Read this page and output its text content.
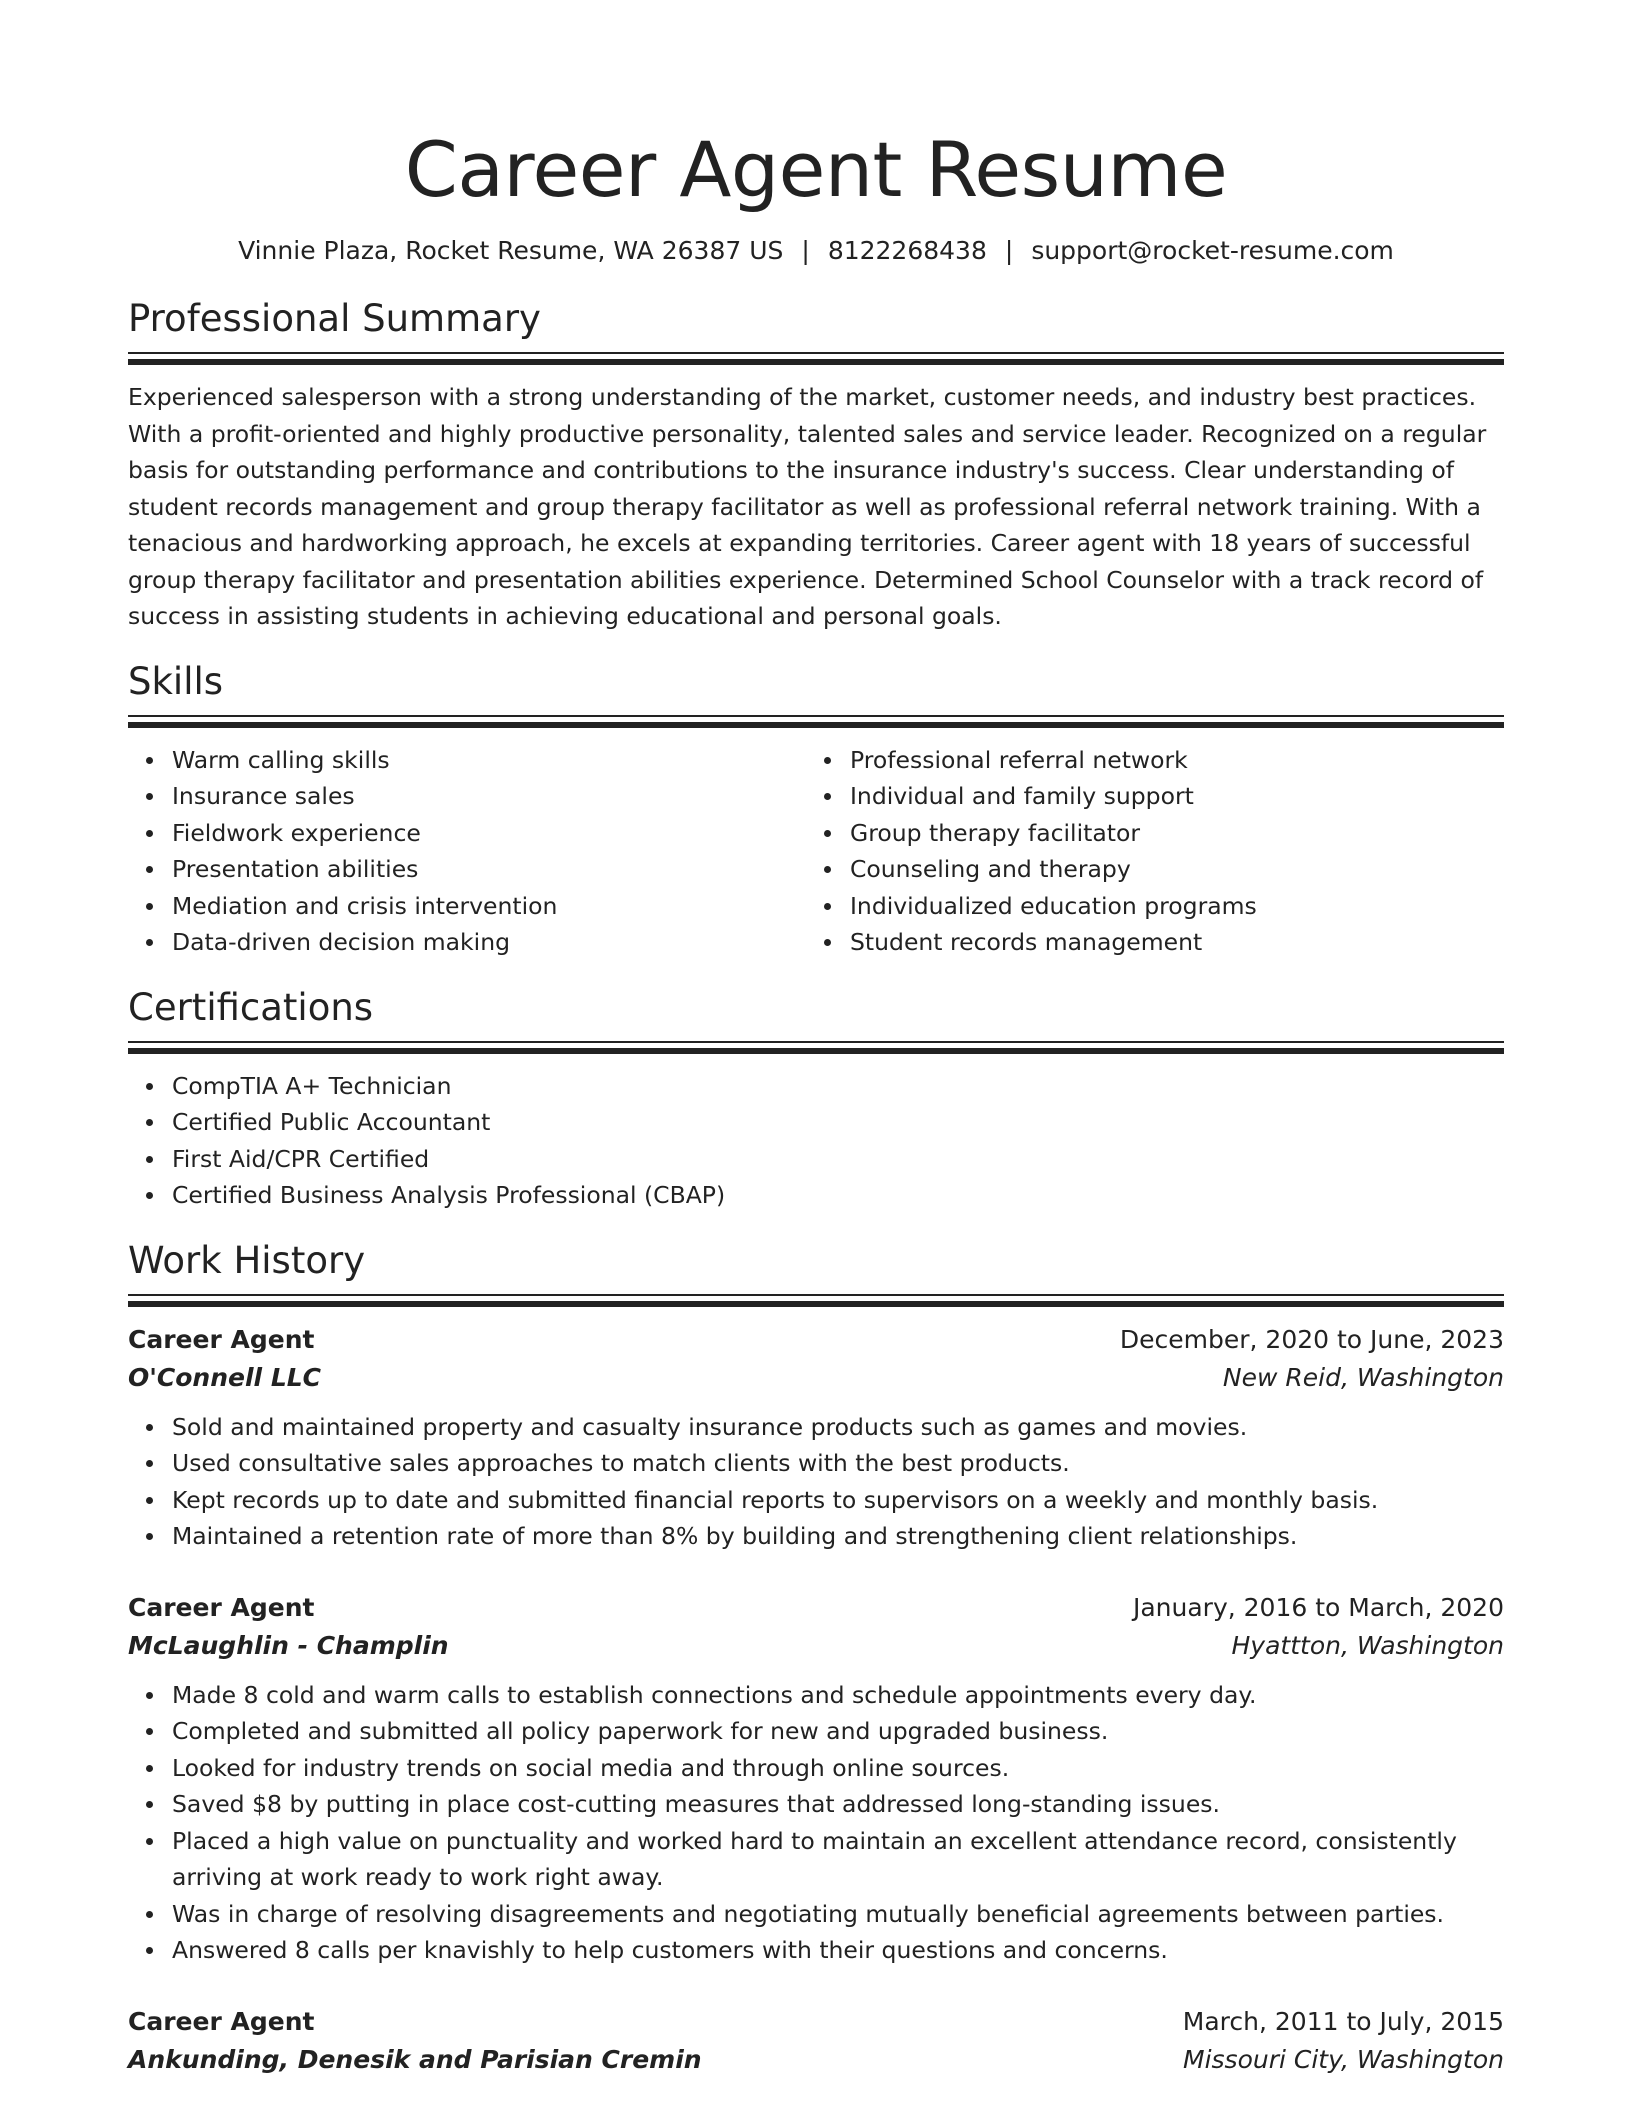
Career Agent Resume
Vinnie Plaza, Rocket Resume, WA 26387 US | 8122268438 | support@rocket-resume.com
Professional Summary

Experienced salesperson with a strong understanding of the market, customer needs, and industry best practices. With a profit-oriented and highly productive personality, talented sales and service leader. Recognized on a regular basis for outstanding performance and contributions to the insurance industry's success. Clear understanding of student records management and group therapy facilitator as well as professional referral network training. With a tenacious and hardworking approach, he excels at expanding territories. Career agent with 18 years of successful group therapy facilitator and presentation abilities experience. Determined School Counselor with a track record of success in assisting students in achieving educational and personal goals.

Skills
Warm calling skills
Insurance sales
Fieldwork experience
Presentation abilities
Mediation and crisis intervention
Data-driven decision making
Professional referral network
Individual and family support
Group therapy facilitator
Counseling and therapy
Individualized education programs
Student records management
Certifications
CompTIA A+ Technician
Certified Public Accountant
First Aid/CPR Certified
Certified Business Analysis Professional (CBAP)
Work History
Career Agent	December, 2020 to June, 2023
O'Connell LLC	New Reid, Washington
Sold and maintained property and casualty insurance products such as games and movies.
Used consultative sales approaches to match clients with the best products.
Kept records up to date and submitted financial reports to supervisors on a weekly and monthly basis.
Maintained a retention rate of more than 8% by building and strengthening client relationships.
Career Agent	January, 2016 to March, 2020
McLaughlin - Champlin	Hyattton, Washington
Made 8 cold and warm calls to establish connections and schedule appointments every day.
Completed and submitted all policy paperwork for new and upgraded business.
Looked for industry trends on social media and through online sources.
Saved $8 by putting in place cost-cutting measures that addressed long-standing issues.
Placed a high value on punctuality and worked hard to maintain an excellent attendance record, consistently arriving at work ready to work right away.
Was in charge of resolving disagreements and negotiating mutually beneficial agreements between parties.
Answered 8 calls per knavishly to help customers with their questions and concerns.
Career Agent	March, 2011 to July, 2015
Ankunding, Denesik and Parisian Cremin	Missouri City, Washington
